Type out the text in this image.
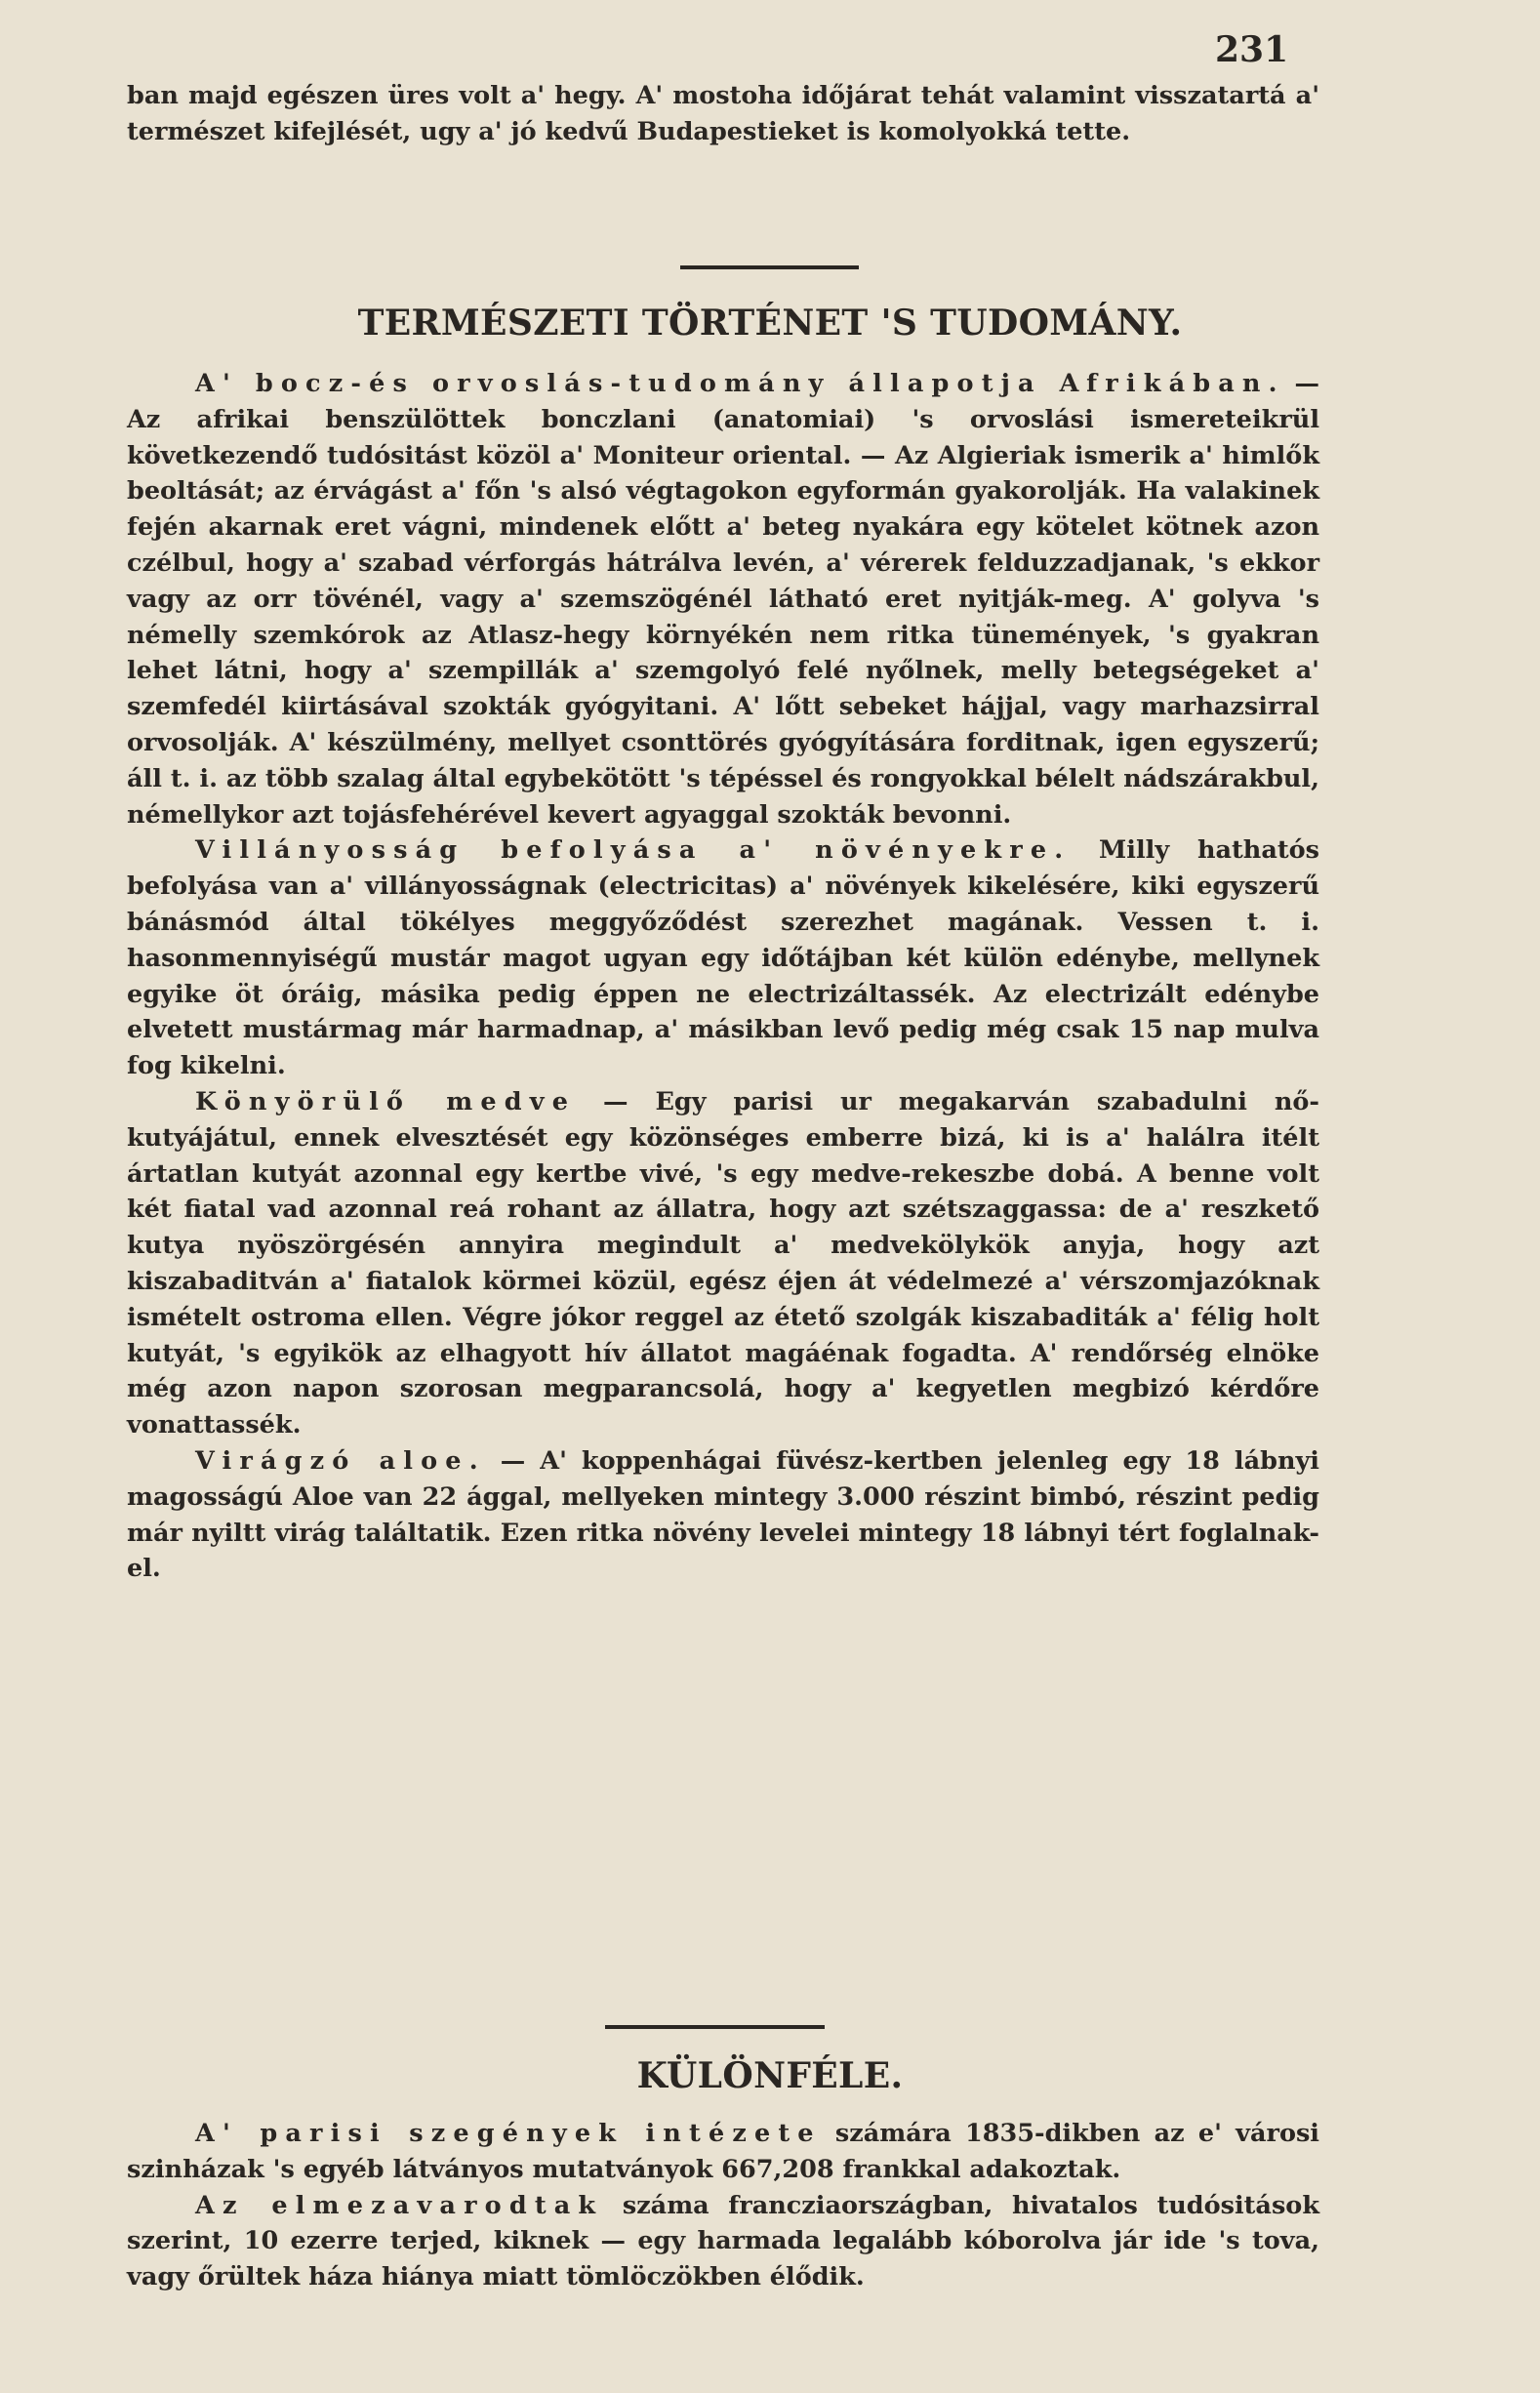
231

ban majd egészen üres volt a' hegy. A' mostoha időjárat tehát valamint visszatartá a' természet kifejlését, ugy a' jó kedvű Budapestieket is komolyokká tette.

TERMÉSZETI TÖRTÉNET 'S TUDOMÁNY.

A' bocz-és orvoslás-tudomány állapotja Afrikában. — Az afrikai benszülöttek bonczlani (anatomiai) 's orvoslási ismereteikrül következendő tudósitást közöl a' Moniteur oriental. — Az Algieriak ismerik a' himlők beoltását; az érvágást a' főn 's alsó végtagokon egyformán gyakorolják. Ha valakinek fején akarnak eret vágni, mindenek előtt a' beteg nyakára egy kötelet kötnek azon czélbul, hogy a' szabad vérforgás hátrálva levén, a' vérerek felduzzadjanak, 's ekkor vagy az orr tövénél, vagy a' szemszögénél látható eret nyitják-meg. A' golyva 's némelly szemkórok az Atlasz-hegy környékén nem ritka tünemények, 's gyakran lehet látni, hogy a' szempillák a' szemgolyó felé nyőlnek, melly betegségeket a' szemfedél kiirtásával szokták gyógyitani. A' lőtt sebeket hájjal, vagy marhazsirral orvosolják. A' készülmény, mellyet csonttörés gyógyítására forditnak, igen egyszerű; áll t. i. az több szalag által egybekötött 's tépéssel és rongyokkal bélelt nádszárakbul, némellykor azt tojásfehérével kevert agyaggal szokták bevonni.

Villányosság befolyása a' növényekre. Milly hathatós befolyása van a' villányosságnak (electricitas) a' növények kikelésére, kiki egyszerű bánásmód által tökélyes meggyőződést szerezhet magának. Vessen t. i. hasonmennyiségű mustár magot ugyan egy időtájban két külön edénybe, mellynek egyike öt óráig, másika pedig éppen ne electrizáltassék. Az electrizált edénybe elvetett mustármag már harmadnap, a' másikban levő pedig még csak 15 nap mulva fog kikelni.

Könyörülő medve — Egy parisi ur megakarván szabadulni nő-kutyájátul, ennek elvesztését egy közönséges emberre bizá, ki is a' halálra itélt ártatlan kutyát azonnal egy kertbe vivé, 's egy medve-rekeszbe dobá. A benne volt két fiatal vad azonnal reá rohant az állatra, hogy azt szétszaggassa: de a' reszkető kutya nyöszörgésén annyira megindult a' medvekölykök anyja, hogy azt kiszabaditván a' fiatalok körmei közül, egész éjen át védelmezé a' vérszomjazóknak ismételt ostroma ellen. Végre jókor reggel az étető szolgák kiszabaditák a' félig holt kutyát, 's egyikök az elhagyott hív állatot magáénak fogadta. A' rendőrség elnöke még azon napon szorosan megparancsolá, hogy a' kegyetlen megbizó kérdőre vonattassék.

Virágzó aloe. — A' koppenhágai füvész-kertben jelenleg egy 18 lábnyi magosságú Aloe van 22 ággal, mellyeken mintegy 3.000 részint bimbó, részint pedig már nyiltt virág találtatik. Ezen ritka növény levelei mintegy 18 lábnyi tért foglalnak-el.

KÜLÖNFÉLE.

A' parisi szegények intézete számára 1835-dikben az e' városi szinházak 's egyéb látványos mutatványok 667,208 frankkal adakoztak.

Az elmezavarodtak száma francziaországban, hivatalos tudósitások szerint, 10 ezerre terjed, kiknek — egy harmada legalább kóborolva jár ide 's tova, vagy őrültek háza hiánya miatt tömlöczökben élődik.
